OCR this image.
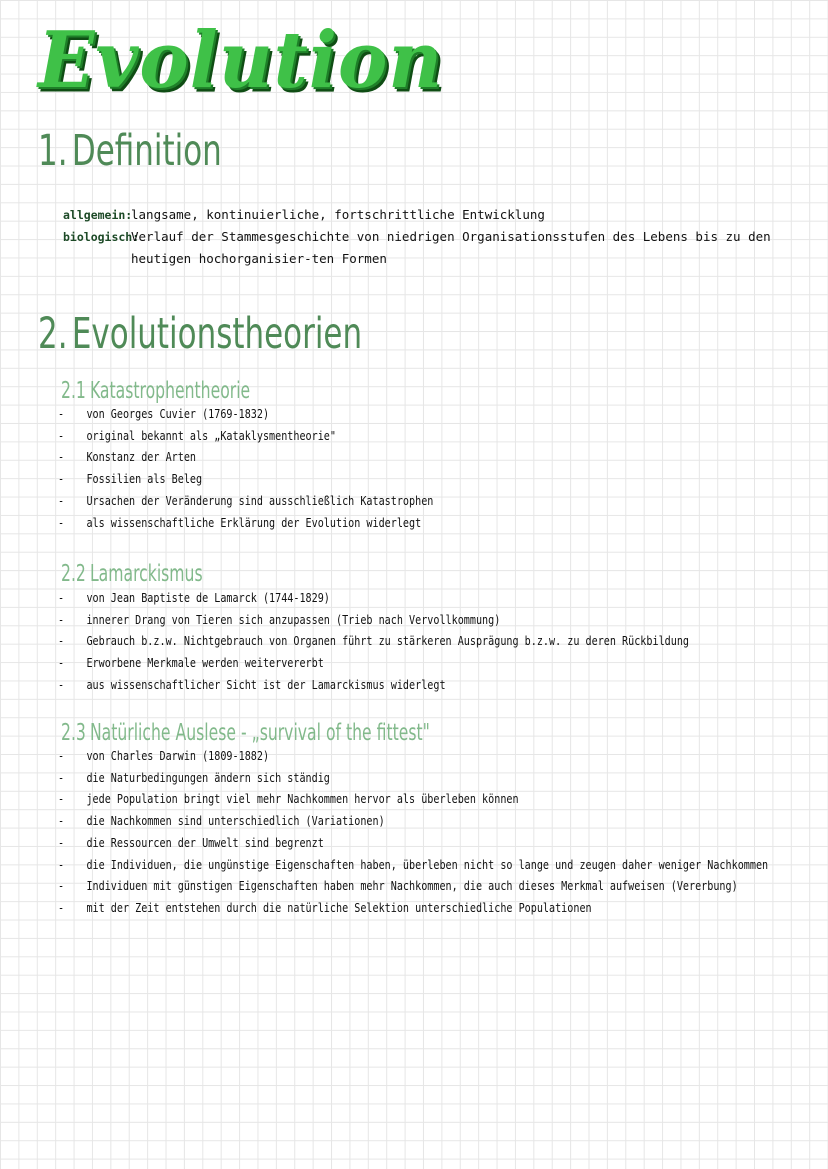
Evolution
1. Definition
allgemein:
langsame, kontinuierliche, fortschrittliche Entwicklung
biologisch:
Verlauf der Stammesgeschichte von niedrigen Organisationsstufen des Lebens bis zu den heutigen hochorganisier-ten Formen
2. Evolutionstheorien
2.1 Katastrophentheorie
-	von Georges Cuvier (1769-1832)
-	original bekannt als „Kataklysmentheorie"
-	Konstanz der Arten
-	Fossilien als Beleg
-	Ursachen der Veränderung sind ausschließlich Katastrophen
-	als wissenschaftliche Erklärung der Evolution widerlegt
2.2 Lamarckismus
-	von Jean Baptiste de Lamarck (1744-1829)
-	innerer Drang von Tieren sich anzupassen (Trieb nach Vervollkommung)
-	Gebrauch b.z.w. Nichtgebrauch von Organen führt zu stärkeren Ausprägung b.z.w. zu deren Rückbildung
-	Erworbene Merkmale werden weitervererbt
-	aus wissenschaftlicher Sicht ist der Lamarckismus widerlegt
2.3 Natürliche Auslese - „survival of the fittest"
-	von Charles Darwin (1809-1882)
-	die Naturbedingungen ändern sich ständig
-	jede Population bringt viel mehr Nachkommen hervor als überleben können
-	die Nachkommen sind unterschiedlich (Variationen)
-	die Ressourcen der Umwelt sind begrenzt
-	die Individuen, die ungünstige Eigenschaften haben, überleben nicht so lange und zeugen daher weniger Nachkommen
-	Individuen mit günstigen Eigenschaften haben mehr Nachkommen, die auch dieses Merkmal aufweisen (Vererbung)
-	mit der Zeit entstehen durch die natürliche Selektion unterschiedliche Populationen
